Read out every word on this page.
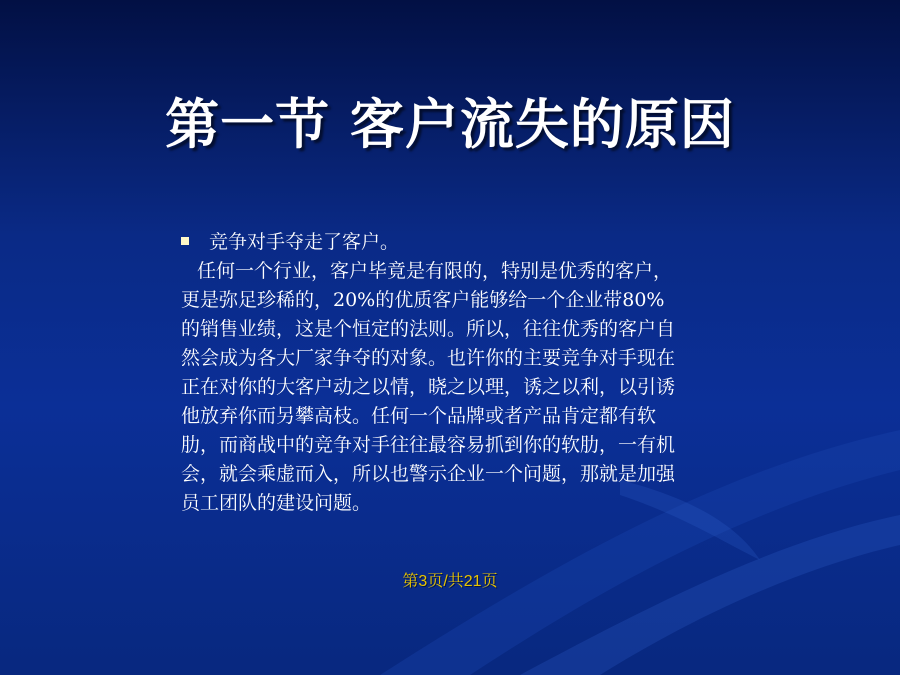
第一节 客户流失的原因
竞争对手夺走了客户。
任何一个行业，客户毕竟是有限的，特别是优秀的客户，
更是弥足珍稀的，20%的优质客户能够给一个企业带80%
的销售业绩，这是个恒定的法则。所以，往往优秀的客户自
然会成为各大厂家争夺的对象。也许你的主要竞争对手现在
正在对你的大客户动之以情，晓之以理，诱之以利，以引诱
他放弃你而另攀高枝。任何一个品牌或者产品肯定都有软
肋，而商战中的竞争对手往往最容易抓到你的软肋，一有机
会，就会乘虚而入，所以也警示企业一个问题，那就是加强
员工团队的建设问题。
第3页/共21页
